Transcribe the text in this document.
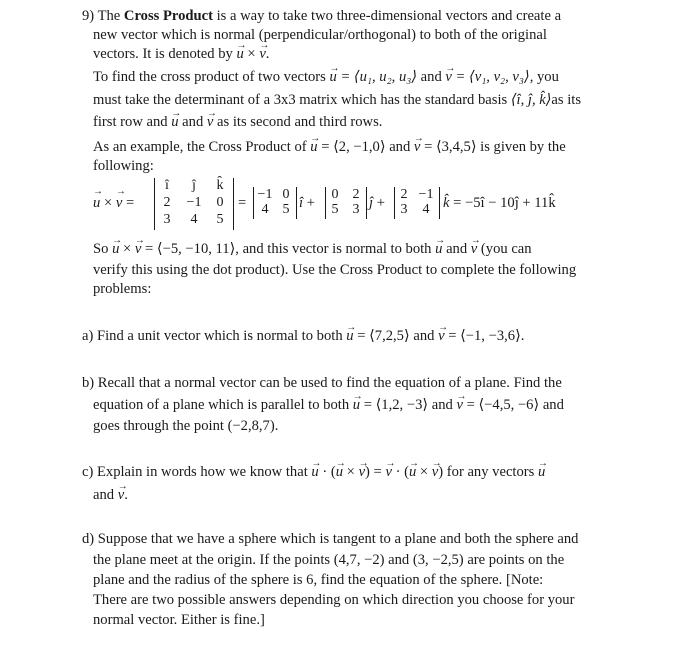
9) The Cross Product is a way to take two three-dimensional vectors and create a
new vector which is normal (perpendicular/orthogonal) to both of the original
vectors. It is denoted by → u × → v.
To find the cross product of two vectors → u = ⟨u₁, u₂, u₃⟩ and → v = ⟨v₁, v₂, v₃⟩, you
must take the determinant of a 3x3 matrix which has the standard basis ⟨î, ĵ, k̂⟩as its
first row and → u and → v as its second and third rows.
As an example, the Cross Product of → u = ⟨2, −1,0⟩ and → v = ⟨3,4,5⟩ is given by the
following:
→ u × → v =
î	ĵ	k̂
2	−1	0
3	4	5
=
−1 0
4	5 î +
0	2
5	3 ĵ +
2 −1
3	4 k̂ = −5î − 10ĵ + 11k̂
So → u × → v = ⟨−5, −10, 11⟩, and this vector is normal to both → u and → v (you can
verify this using the dot product). Use the Cross Product to complete the following
problems:
a) Find a unit vector which is normal to both → u = ⟨7,2,5⟩ and → v = ⟨−1, −3,6⟩.
b) Recall that a normal vector can be used to find the equation of a plane. Find the
equation of a plane which is parallel to both → u = ⟨1,2, −3⟩ and → v = ⟨−4,5, −6⟩ and
goes through the point (−2,8,7).
c) Explain in words how we know that → u · (→ u × → v) = → v · (→ u × → v) for any vectors → u
and → v.
d) Suppose that we have a sphere which is tangent to a plane and both the sphere and
the plane meet at the origin. If the points (4,7, −2) and (3, −2,5) are points on the
plane and the radius of the sphere is 6, find the equation of the sphere. [Note:
There are two possible answers depending on which direction you choose for your
normal vector. Either is fine.]
